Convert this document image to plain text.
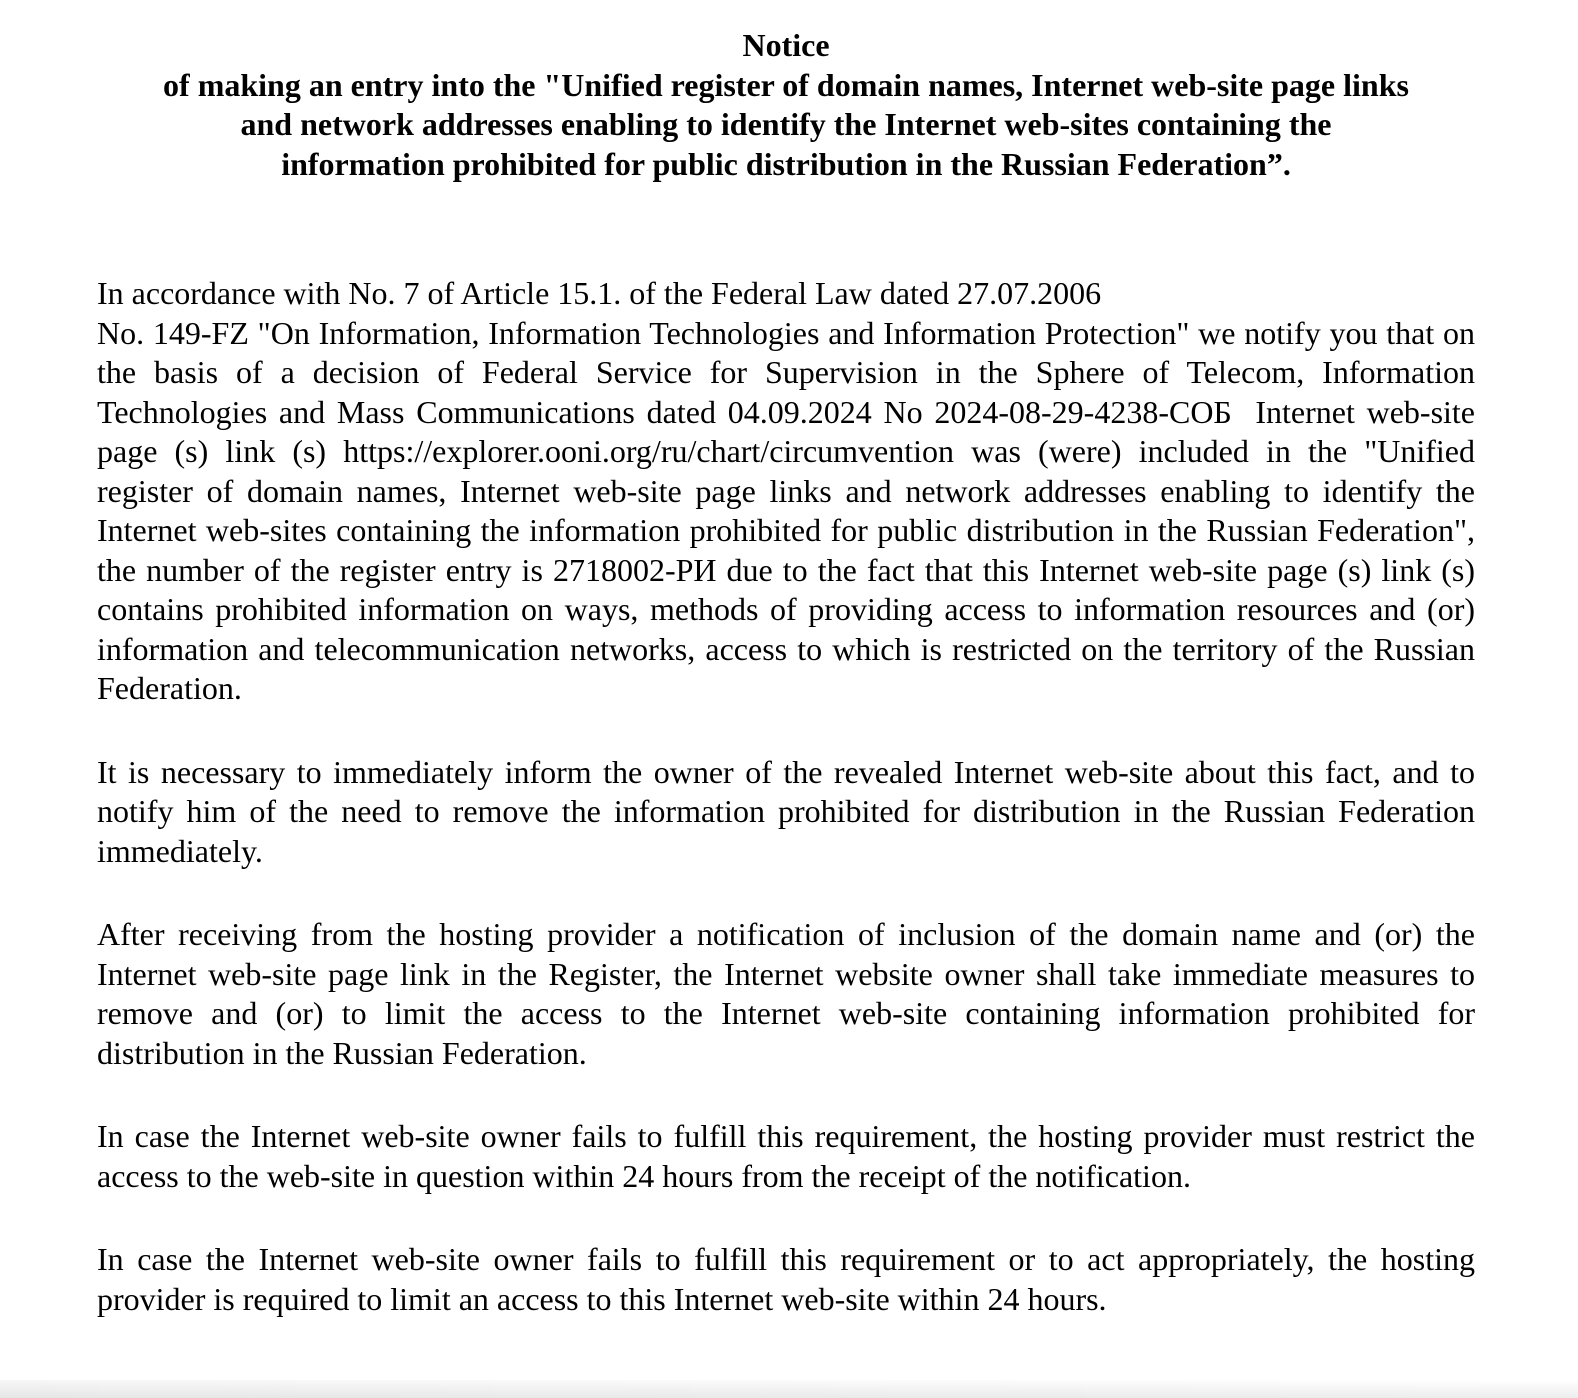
Notice
of making an entry into the "Unified register of domain names, Internet web-site page links
and network addresses enabling to identify the Internet web-sites containing the
information prohibited for public distribution in the Russian Federation”.

In accordance with No. 7 of Article 15.1. of the Federal Law dated 27.07.2006
No. 149-FZ "On Information, Information Technologies and Information Protection" we notify you that on the basis of a decision of Federal Service for Supervision in the Sphere of Telecom, Information Technologies and Mass Communications dated 04.09.2024 No 2024-08-29-4238-СОБ  Internet web-site page (s) link (s) https://explorer.ooni.org/ru/chart/circumvention was (were) included in the "Unified register of domain names, Internet web-site page links and network addresses enabling to identify the Internet web-sites containing the information prohibited for public distribution in the Russian Federation", the number of the register entry is 2718002-РИ due to the fact that this Internet web-site page (s) link (s) contains prohibited information on ways, methods of providing access to information resources and (or) information and telecommunication networks, access to which is restricted on the territory of the Russian Federation.

It is necessary to immediately inform the owner of the revealed Internet web-site about this fact, and to notify him of the need to remove the information prohibited for distribution in the Russian Federation immediately.

After receiving from the hosting provider a notification of inclusion of the domain name and (or) the Internet web-site page link in the Register, the Internet website owner shall take immediate measures to remove and (or) to limit the access to the Internet web-site containing information prohibited for distribution in the Russian Federation.

In case the Internet web-site owner fails to fulfill this requirement, the hosting provider must restrict the access to the web-site in question within 24 hours from the receipt of the notification.

In case the Internet web-site owner fails to fulfill this requirement or to act appropriately, the hosting provider is required to limit an access to this Internet web-site within 24 hours.
